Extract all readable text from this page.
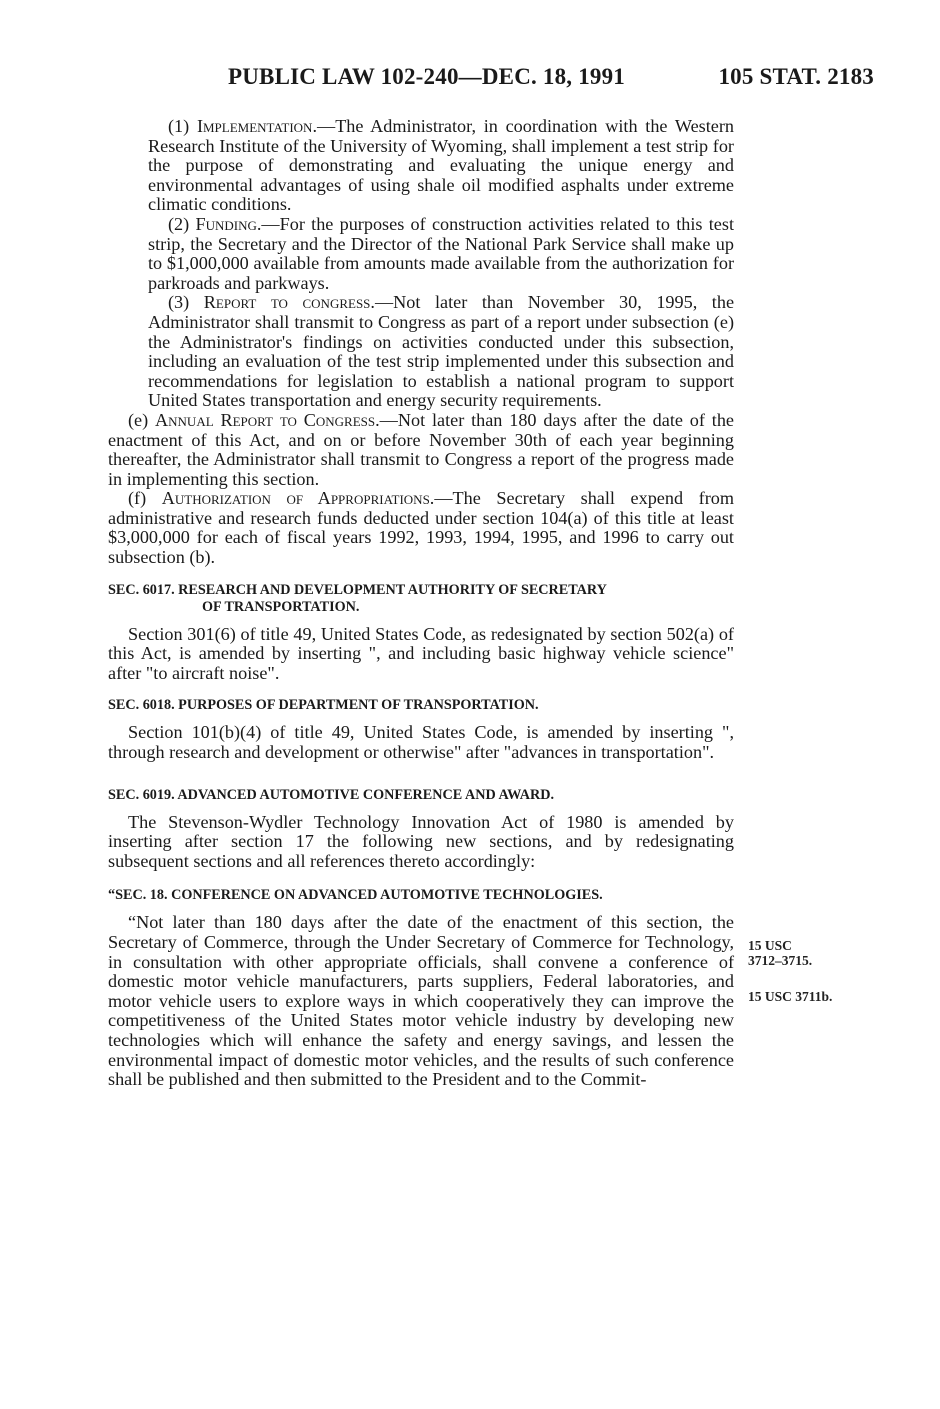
PUBLIC LAW 102-240—DEC. 18, 1991	105 STAT. 2183

(1) Implementation.—The Administrator, in coordination with the Western Research Institute of the University of Wyoming, shall implement a test strip for the purpose of demonstrating and evaluating the unique energy and environmental advantages of using shale oil modified asphalts under extreme climatic conditions.

(2) Funding.—For the purposes of construction activities related to this test strip, the Secretary and the Director of the National Park Service shall make up to $1,000,000 available from amounts made available from the authorization for parkroads and parkways.

(3) Report to congress.—Not later than November 30, 1995, the Administrator shall transmit to Congress as part of a report under subsection (e) the Administrator's findings on activities conducted under this subsection, including an evaluation of the test strip implemented under this subsection and recommendations for legislation to establish a national program to support United States transportation and energy security requirements.

(e) Annual Report to Congress.—Not later than 180 days after the date of the enactment of this Act, and on or before November 30th of each year beginning thereafter, the Administrator shall transmit to Congress a report of the progress made in implementing this section.

(f) Authorization of Appropriations.—The Secretary shall expend from administrative and research funds deducted under section 104(a) of this title at least $3,000,000 for each of fiscal years 1992, 1993, 1994, 1995, and 1996 to carry out subsection (b).

SEC. 6017. RESEARCH AND DEVELOPMENT AUTHORITY OF SECRETARY
OF TRANSPORTATION.

Section 301(6) of title 49, United States Code, as redesignated by section 502(a) of this Act, is amended by inserting ", and including basic highway vehicle science" after "to aircraft noise".

SEC. 6018. PURPOSES OF DEPARTMENT OF TRANSPORTATION.

Section 101(b)(4) of title 49, United States Code, is amended by inserting ", through research and development or otherwise" after "advances in transportation".

SEC. 6019. ADVANCED AUTOMOTIVE CONFERENCE AND AWARD.

The Stevenson-Wydler Technology Innovation Act of 1980 is amended by inserting after section 17 the following new sections, and by redesignating subsequent sections and all references thereto accordingly:

“SEC. 18. CONFERENCE ON ADVANCED AUTOMOTIVE TECHNOLOGIES.

“Not later than 180 days after the date of the enactment of this section, the Secretary of Commerce, through the Under Secretary of Commerce for Technology, in consultation with other appropriate officials, shall convene a conference of domestic motor vehicle manufacturers, parts suppliers, Federal laboratories, and motor vehicle users to explore ways in which cooperatively they can improve the competitiveness of the United States motor vehicle industry by developing new technologies which will enhance the safety and energy savings, and lessen the environmental impact of domestic motor vehicles, and the results of such conference shall be published and then submitted to the President and to the Commit-

15 USC
3712–3715.
15 USC 3711b.
